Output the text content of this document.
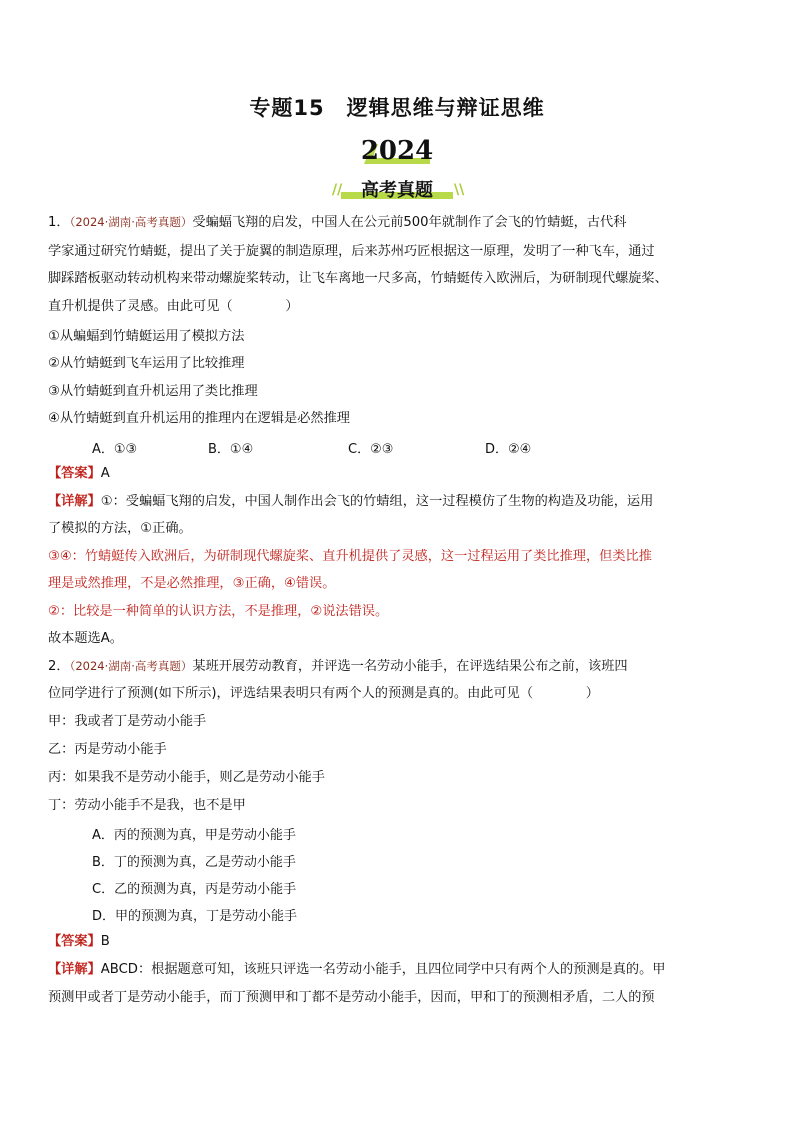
专题15　逻辑思维与辩证思维
2024
//	\\
高考真题
1．（2024·湖南·高考真题）受蝙蝠飞翔的启发，中国人在公元前500年就制作了会飞的竹蜻蜓，古代科
学家通过研究竹蜻蜓，提出了关于旋翼的制造原理，后来苏州巧匠根据这一原理，发明了一种飞车，通过
脚踩踏板驱动转动机构来带动螺旋桨转动，让飞车离地一尺多高，竹蜻蜓传入欧洲后，为研制现代螺旋桨、
直升机提供了灵感。由此可见（　　　　）
①从蝙蝠到竹蜻蜓运用了模拟方法
②从竹蜻蜓到飞车运用了比较推理
③从竹蜻蜓到直升机运用了类比推理
④从竹蜻蜓到直升机运用的推理内在逻辑是必然推理
A．①③	B．①④	C．②③	D．②④
【答案】A
【详解】①：受蝙蝠飞翔的启发，中国人制作出会飞的竹蜻组，这一过程模仿了生物的构造及功能，运用
了模拟的方法，①正确。
③④：竹蜻蜓传入欧洲后，为研制现代螺旋桨、直升机提供了灵感，这一过程运用了类比推理，但类比推
理是或然推理，不是必然推理，③正确，④错误。
②：比较是一种简单的认识方法，不是推理，②说法错误。
故本题选A。
2．（2024·湖南·高考真题）某班开展劳动教育，并评选一名劳动小能手，在评选结果公布之前，该班四
位同学进行了预测(如下所示)，评选结果表明只有两个人的预测是真的。由此可见（　　　　）
甲：我或者丁是劳动小能手
乙：丙是劳动小能手
丙：如果我不是劳动小能手，则乙是劳动小能手
丁：劳动小能手不是我，也不是甲
A．丙的预测为真，甲是劳动小能手
B．丁的预测为真，乙是劳动小能手
C．乙的预测为真，丙是劳动小能手
D．甲的预测为真，丁是劳动小能手
【答案】B
【详解】ABCD：根据题意可知，该班只评选一名劳动小能手，且四位同学中只有两个人的预测是真的。甲
预测甲或者丁是劳动小能手，而丁预测甲和丁都不是劳动小能手，因而，甲和丁的预测相矛盾，二人的预
